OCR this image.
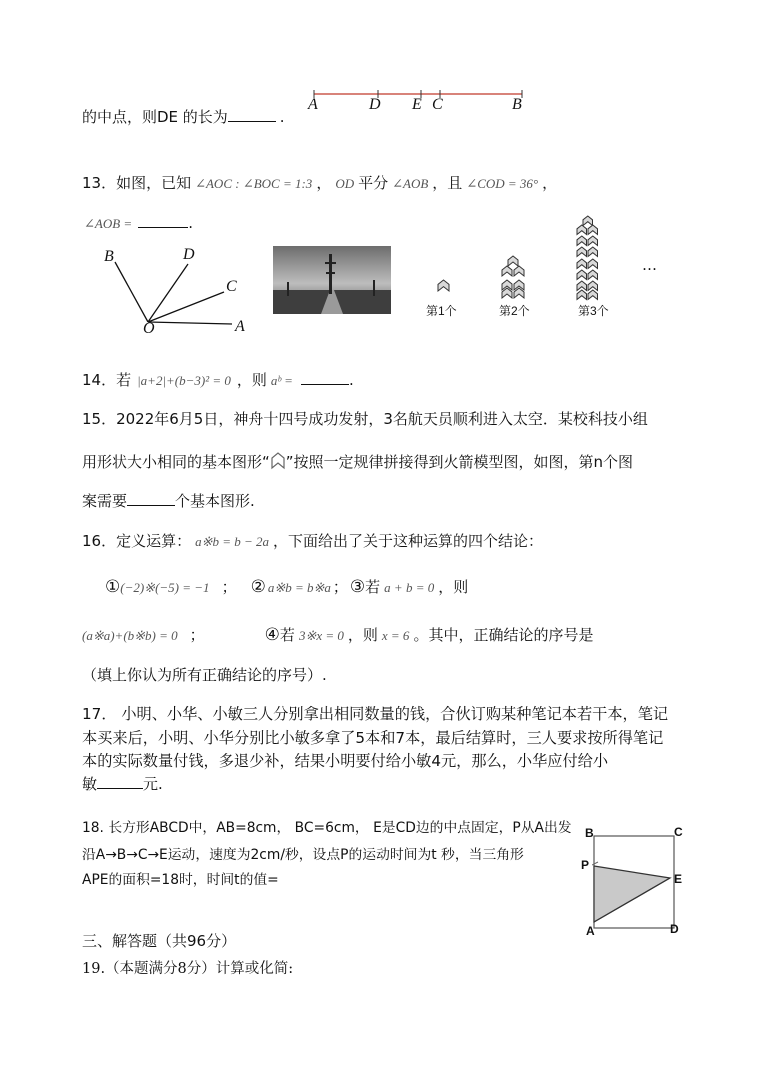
的中点，则DE 的长为	.
A	D E C	B
13．如图，已知 ∠AOC : ∠BOC = 1:3 ， OD 平分 ∠AOB ，且 ∠COD = 36° ，
∠AOB =	.
B	D
C
O	A
第1个	第2个	第3个
…
14．若 |a+2|+(b−3)² = 0 ，则 aᵇ =	.
15．2022年6月5日，神舟十四号成功发射，3名航天员顺利进入太空．某校科技小组
用形状大小相同的基本图形“ ”按照一定规律拼接得到火箭模型图，如图，第n个图
案需要	个基本图形.
16．定义运算： a※b = b − 2a ，下面给出了关于这种运算的四个结论：
①(−2)※(−5) = −1 ； ② a※b = b※a ； ③若 a + b = 0 ，则
(a※a)+(b※b) = 0 ；	④若 3※x = 0 ，则 x = 6 。其中，正确结论的序号是
（填上你认为所有正确结论的序号）.
17． 小明、小华、小敏三人分别拿出相同数量的钱，合伙订购某种笔记本若干本，笔记
本买来后，小明、小华分别比小敏多拿了5本和7本，最后结算时，三人要求按所得笔记
本的实际数量付钱，多退少补，结果小明要付给小敏4元，那么，小华应付给小
敏	元.
18. 长方形ABCD中，AB=8cm， BC=6cm， E是CD边的中点固定，P从A出发
沿A→B→C→E运动，速度为2cm/秒，设点P的运动时间为t 秒，当三角形
APE的面积=18时，时间t的值=
B	C
P
E
A	D
三、解答题（共96分）
19.（本题满分8分）计算或化简:
